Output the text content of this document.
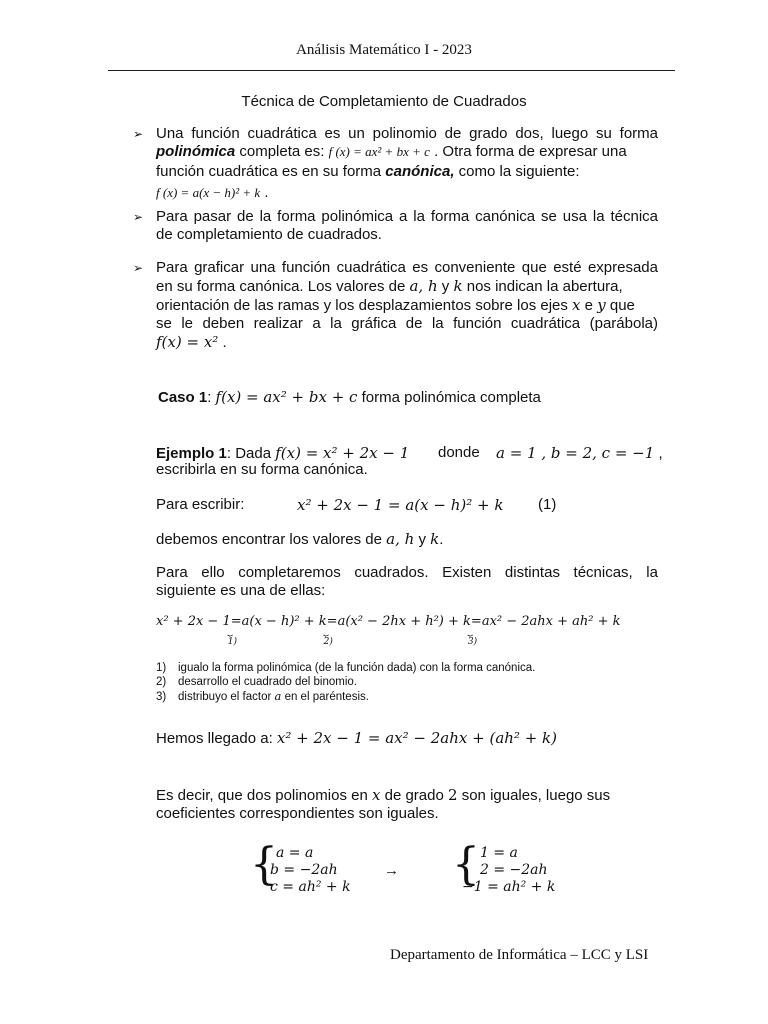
Análisis Matemático I - 2023
Técnica de Completamiento de Cuadrados
➢ Una función cuadrática es un polinomio de grado dos, luego su forma
polinómica completa es: f (x) = ax² + bx + c . Otra forma de expresar una
función cuadrática es en su forma canónica, como la siguiente:
f (x) = a(x − h)² + k .
➢ Para pasar de la forma polinómica a la forma canónica se usa la técnica
de completamiento de cuadrados.
➢ Para graficar una función cuadrática es conveniente que esté expresada
en su forma canónica. Los valores de a, h y k nos indican la abertura,
orientación de las ramas y los desplazamientos sobre los ejes x e y que
se le deben realizar a la gráfica de la función cuadrática (parábola)
f(x) = x² .
Caso 1: f(x) = ax² + bx + c forma polinómica completa
Ejemplo 1: Dada f(x) = x² + 2x − 1 donde a = 1 , b = 2, c = −1 ,
escribirla en su forma canónica.
Para escribir:	x² + 2x − 1 = a(x − h)² + k (1)
debemos encontrar los valores de a, h y k.
Para ello completaremos cuadrados. Existen distintas técnicas, la
siguiente es una de ellas:
x² + 2x − 1=
⏟
1)
a(x − h)² + k=
⏟
2)
a(x² − 2hx + h²) + k=
⏟
3)
ax² − 2ahx + ah² + k
1) igualo la forma polinómica (de la función dada) con la forma canónica.
2) desarrollo el cuadrado del binomio.
3) distribuyo el factor a en el paréntesis.
Hemos llegado a: x² + 2x − 1 = ax² − 2ahx + (ah² + k)
Es decir, que dos polinomios en x de grado 2 son iguales, luego sus
coeficientes correspondientes son iguales.
{
a = a
b = −2ah
c = ah² + k
→ { 1 = a
2 = −2ah
−1 = ah² + k
Departamento de Informática – LCC y LSI
